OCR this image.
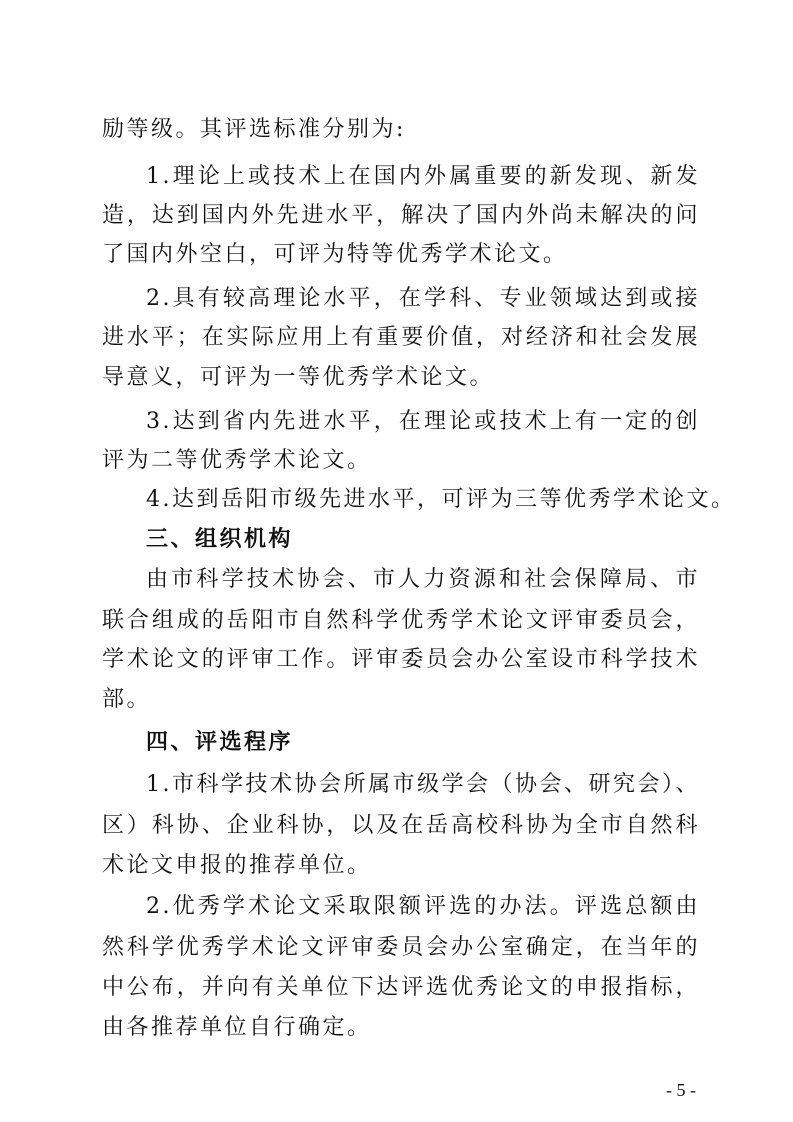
励等级。其评选标准分别为:
1.理论上或技术上在国内外属重要的新发现、新发
造，达到国内外先进水平，解决了国内外尚未解决的问
了国内外空白，可评为特等优秀学术论文。
2.具有较高理论水平，在学科、专业领域达到或接
进水平；在实际应用上有重要价值，对经济和社会发展
导意义，可评为一等优秀学术论文。
3.达到省内先进水平，在理论或技术上有一定的创
评为二等优秀学术论文。
4.达到岳阳市级先进水平，可评为三等优秀学术论文。
三、组织机构
由市科学技术协会、市人力资源和社会保障局、市
联合组成的岳阳市自然科学优秀学术论文评审委员会，
学术论文的评审工作。评审委员会办公室设市科学技术
部。
四、评选程序
1.市科学技术协会所属市级学会（协会、研究会）、
区）科协、企业科协，以及在岳高校科协为全市自然科
术论文申报的推荐单位。
2.优秀学术论文采取限额评选的办法。评选总额由
然科学优秀学术论文评审委员会办公室确定，在当年的
中公布，并向有关单位下达评选优秀论文的申报指标，
由各推荐单位自行确定。
- 5 -
